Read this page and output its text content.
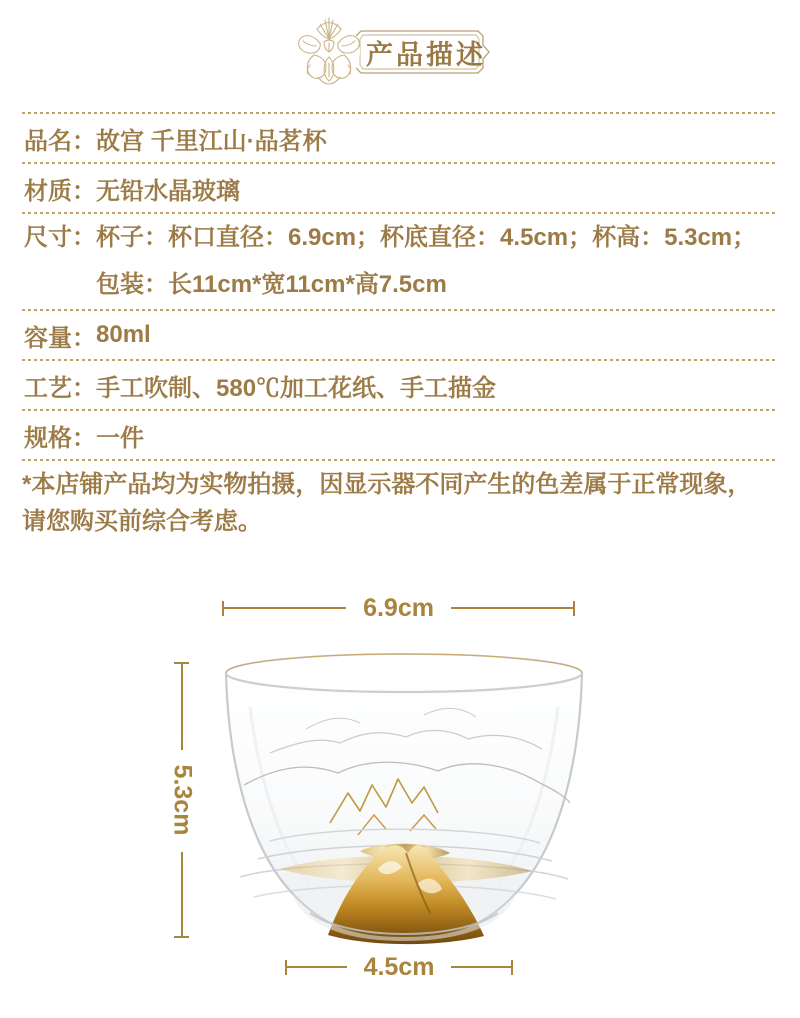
产品描述
品名： 故宫 千里江山·品茗杯
材质： 无铅水晶玻璃
尺寸： 杯子：杯口直径：6.9cm；杯底直径：4.5cm；杯高：5.3cm；
包装：长11cm*宽11cm*高7.5cm
容量： 80ml
工艺： 手工吹制、580℃加工花纸、手工描金
规格： 一件
*本店铺产品均为实物拍摄，因显示器不同产生的色差属于正常现象，
请您购买前综合考虑。
6.9cm
5.3cm
4.5cm
